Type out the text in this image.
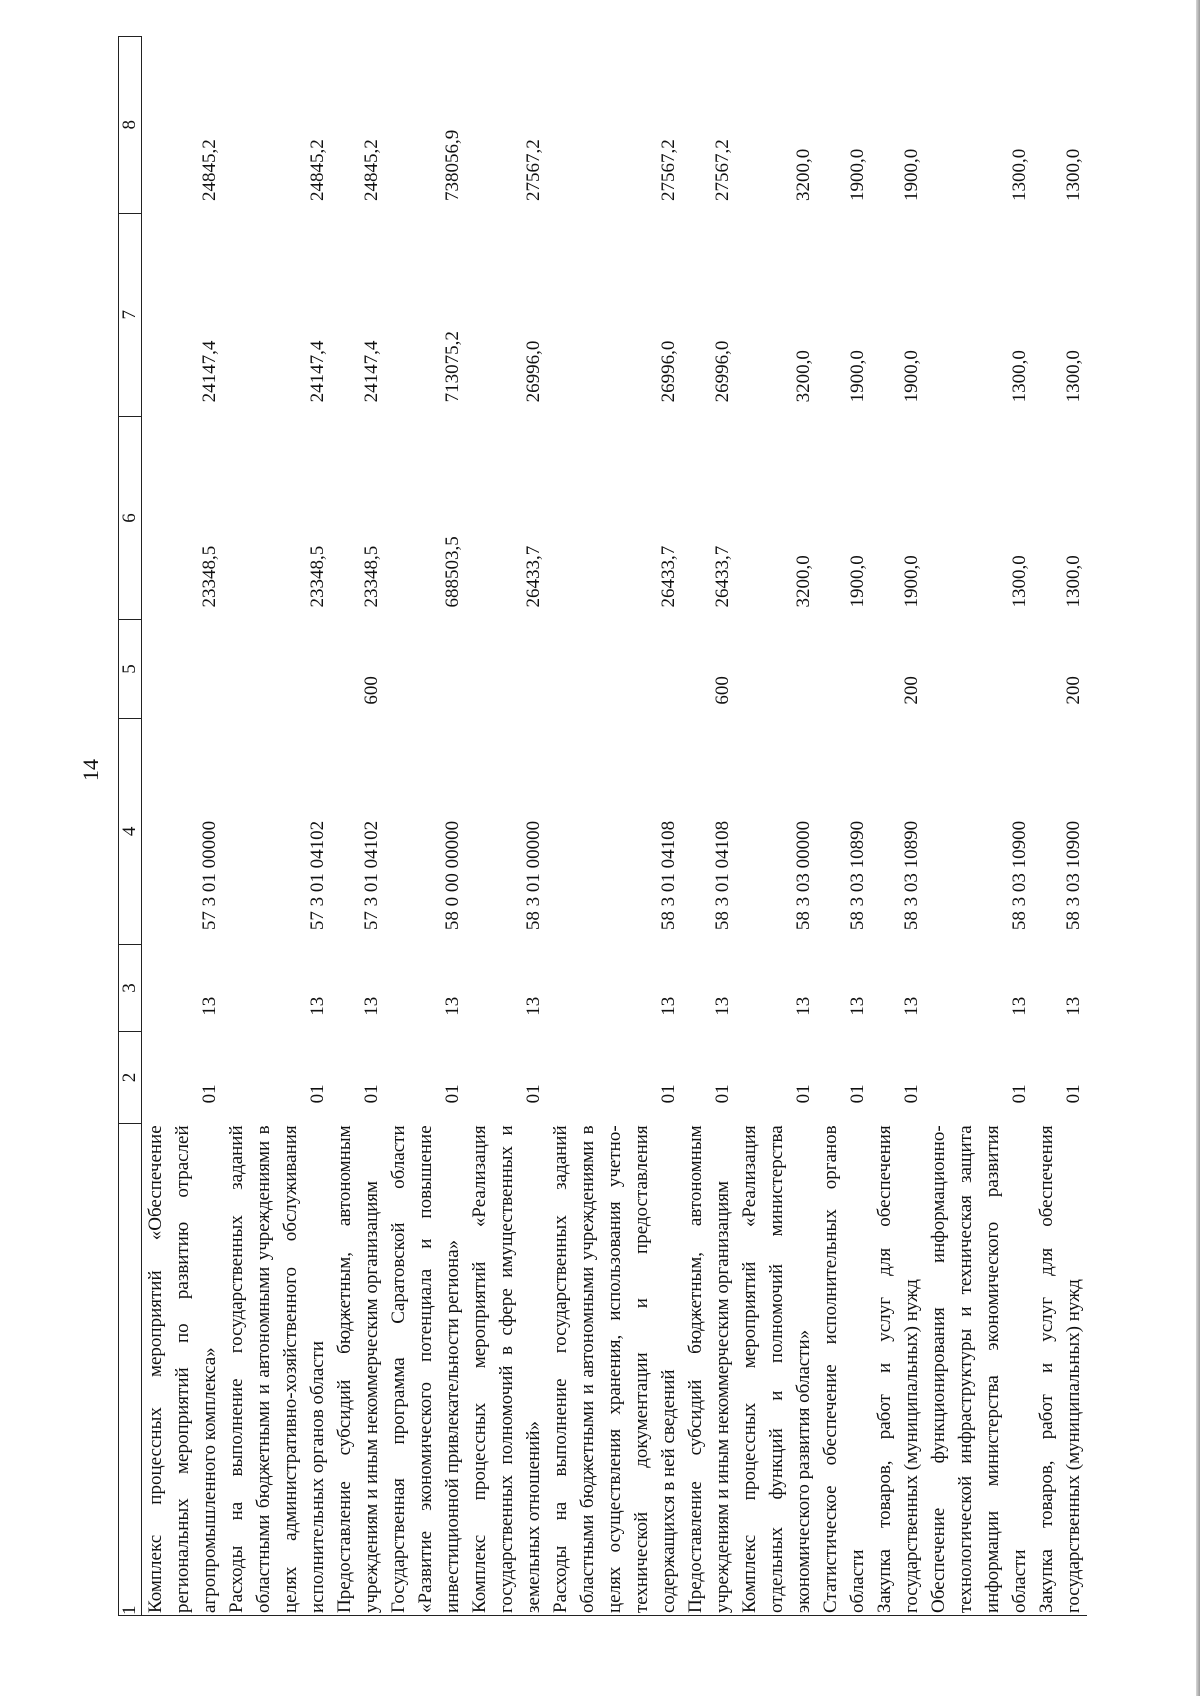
14
1	2	3	4	5	6	7	8
Комплекс процессных мероприятий «Обеспечение региональных мероприятий по развитию отраслей агропромышленного комплекса»	01	13	57 3 01 00000		23348,5	24147,4	24845,2
Расходы на выполнение государственных заданий областными бюджетными и автономными учреждениями в целях административно-хозяйственного обслуживания исполнительных органов области	01	13	57 3 01 04102		23348,5	24147,4	24845,2
Предоставление субсидий бюджетным, автономным учреждениям и иным некоммерческим организациям	01	13	57 3 01 04102	600	23348,5	24147,4	24845,2
Государственная программа Саратовской области «Развитие экономического потенциала и повышение инвестиционной привлекательности региона»	01	13	58 0 00 00000		688503,5	713075,2	738056,9
Комплекс процессных мероприятий «Реализация государственных полномочий в сфере имущественных и земельных отношений»	01	13	58 3 01 00000		26433,7	26996,0	27567,2
Расходы на выполнение государственных заданий областными бюджетными и автономными учреждениями в целях осуществления хранения, использования учетно-технической документации и предоставления содержащихся в ней сведений	01	13	58 3 01 04108		26433,7	26996,0	27567,2
Предоставление субсидий бюджетным, автономным учреждениям и иным некоммерческим организациям	01	13	58 3 01 04108	600	26433,7	26996,0	27567,2
Комплекс процессных мероприятий «Реализация отдельных функций и полномочий министерства экономического развития области»	01	13	58 3 03 00000		3200,0	3200,0	3200,0
Статистическое обеспечение исполнительных органов области	01	13	58 3 03 10890		1900,0	1900,0	1900,0
Закупка товаров, работ и услуг для обеспечения государственных (муниципальных) нужд	01	13	58 3 03 10890	200	1900,0	1900,0	1900,0
Обеспечение функционирования информационно-технологической инфраструктуры и техническая защита информации министерства экономического развития области	01	13	58 3 03 10900		1300,0	1300,0	1300,0
Закупка товаров, работ и услуг для обеспечения государственных (муниципальных) нужд	01	13	58 3 03 10900	200	1300,0	1300,0	1300,0
